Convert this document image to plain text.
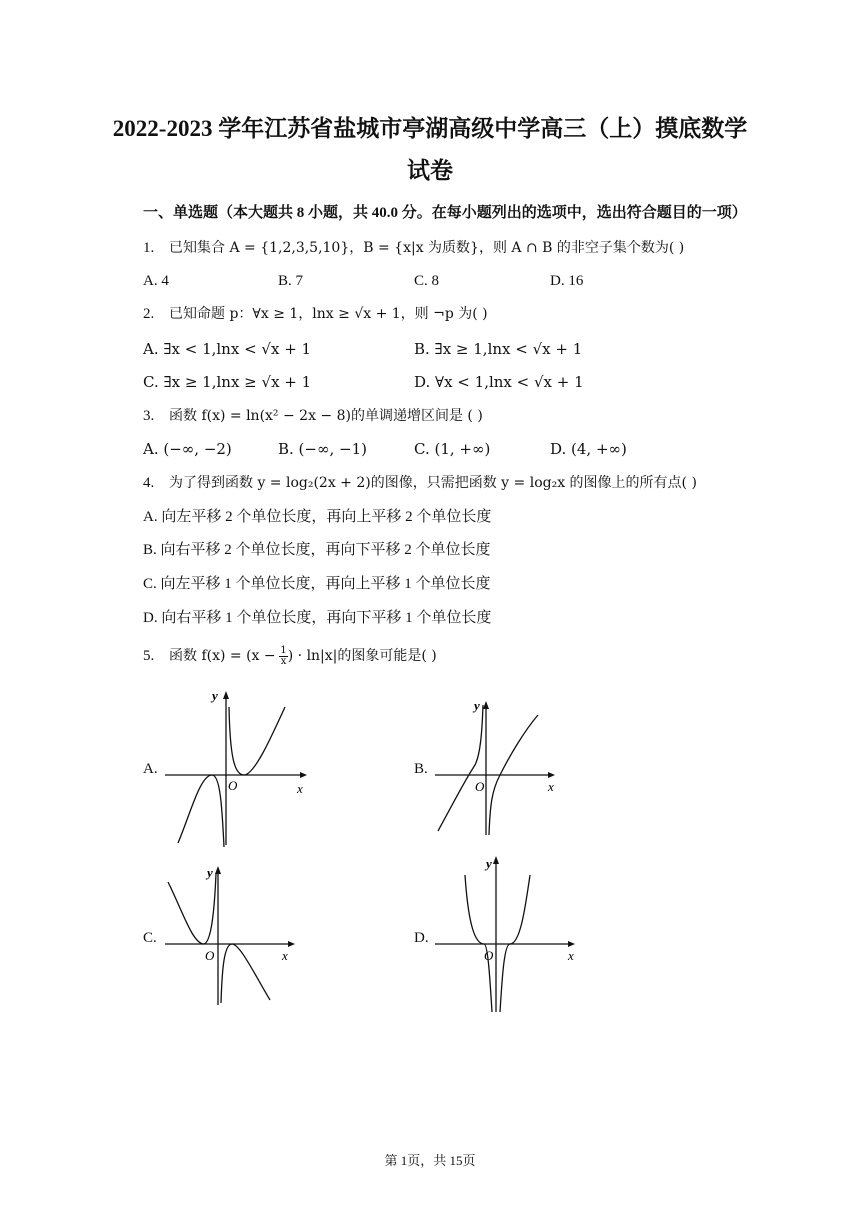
2022-2023 学年江苏省盐城市亭湖高级中学高三（上）摸底数学
试卷
一、单选题（本大题共 8 小题，共 40.0 分。在每小题列出的选项中，选出符合题目的一项）
1. 已知集合 A = {1,2,3,5,10}，B = {x|x 为质数}，则 A ∩ B 的非空子集个数为( )
A. 4	B. 7	C. 8	D. 16
2. 已知命题 p：∀x ≥ 1，lnx ≥ √x + 1，则 ¬p 为( )
A. ∃x < 1,lnx < √x + 1	B. ∃x ≥ 1,lnx < √x + 1
C. ∃x ≥ 1,lnx ≥ √x + 1	D. ∀x < 1,lnx < √x + 1
3. 函数 f(x) = ln(x² − 2x − 8)的单调递增区间是 ( )
A. (−∞, −2)	B. (−∞, −1)	C. (1, +∞)	D. (4, +∞)
4. 为了得到函数 y = log₂(2x + 2)的图像，只需把函数 y = log₂x 的图像上的所有点( )
A. 向左平移 2 个单位长度，再向上平移 2 个单位长度
B. 向右平移 2 个单位长度，再向下平移 2 个单位长度
C. 向左平移 1 个单位长度，再向上平移 1 个单位长度
D. 向右平移 1 个单位长度，再向下平移 1 个单位长度
5. 函数 $f(x) = (x - \frac{1}{x}$ ) · ln|x|的图象可能是( )
A.	B.
C.	D.
y
x
O
y
x
O
y
x
O
y
x
O
第 1页，共 15页
